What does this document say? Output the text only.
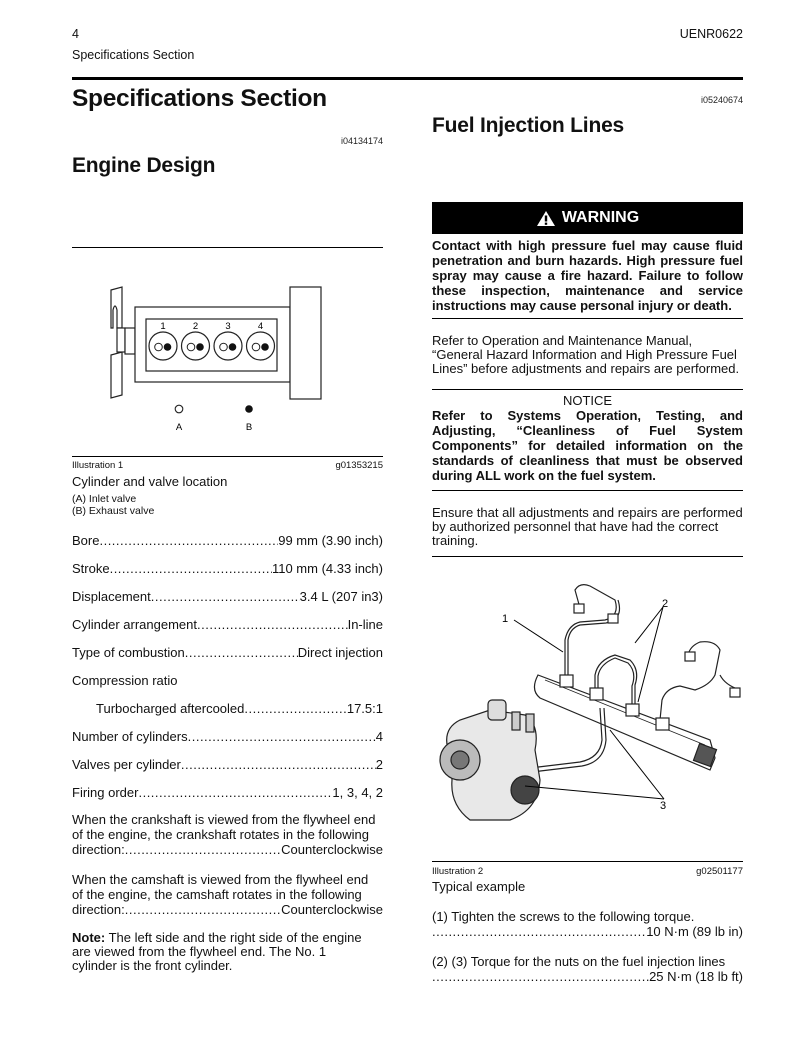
4	UENR0622
Specifications Section
Specifications Section
i04134174
Engine Design
1	2	3	4
A	B
Illustration 1	g01353215
Cylinder and valve location
(A) Inlet valve
(B) Exhaust valve
Bore .....	99 mm (3.90 inch)
Stroke .....	110 mm (4.33 inch)
Displacement .....	3.4 L (207 in3)
Cylinder arrangement .....	In-line
Type of combustion .....	Direct injection
Compression ratio
Turbocharged aftercooled .....	17.5:1
Number of cylinders .....	4
Valves per cylinder .....	2
Firing order .....	1, 3, 4, 2
When the crankshaft is viewed from the flywheel end
of the engine, the crankshaft rotates in the following
direction: .....	Counterclockwise
When the camshaft is viewed from the flywheel end
of the engine, the camshaft rotates in the following
direction: .....	Counterclockwise
Note: The left side and the right side of the engine are viewed from the flywheel end. The No. 1 cylinder is the front cylinder.
i05240674
Fuel Injection Lines
WARNING
Contact with high pressure fuel may cause fluid penetration and burn hazards. High pressure fuel spray may cause a fire hazard. Failure to follow these inspection, maintenance and service instructions may cause personal injury or death.
Refer to Operation and Maintenance Manual, “General Hazard Information and High Pressure Fuel Lines” before adjustments and repairs are performed.
NOTICE
Refer to Systems Operation, Testing, and Adjusting, “Cleanliness of Fuel System Components” for detailed information on the standards of cleanliness that must be observed during ALL work on the fuel system.
Ensure that all adjustments and repairs are performed by authorized personnel that have had the correct training.
1
2
3
Illustration 2	g02501177
Typical example
(1) Tighten the screws to the following torque.
.....
10 N·m (89 lb in)
(2) (3) Torque for the nuts on the fuel injection lines
.....
25 N·m (18 lb ft)
